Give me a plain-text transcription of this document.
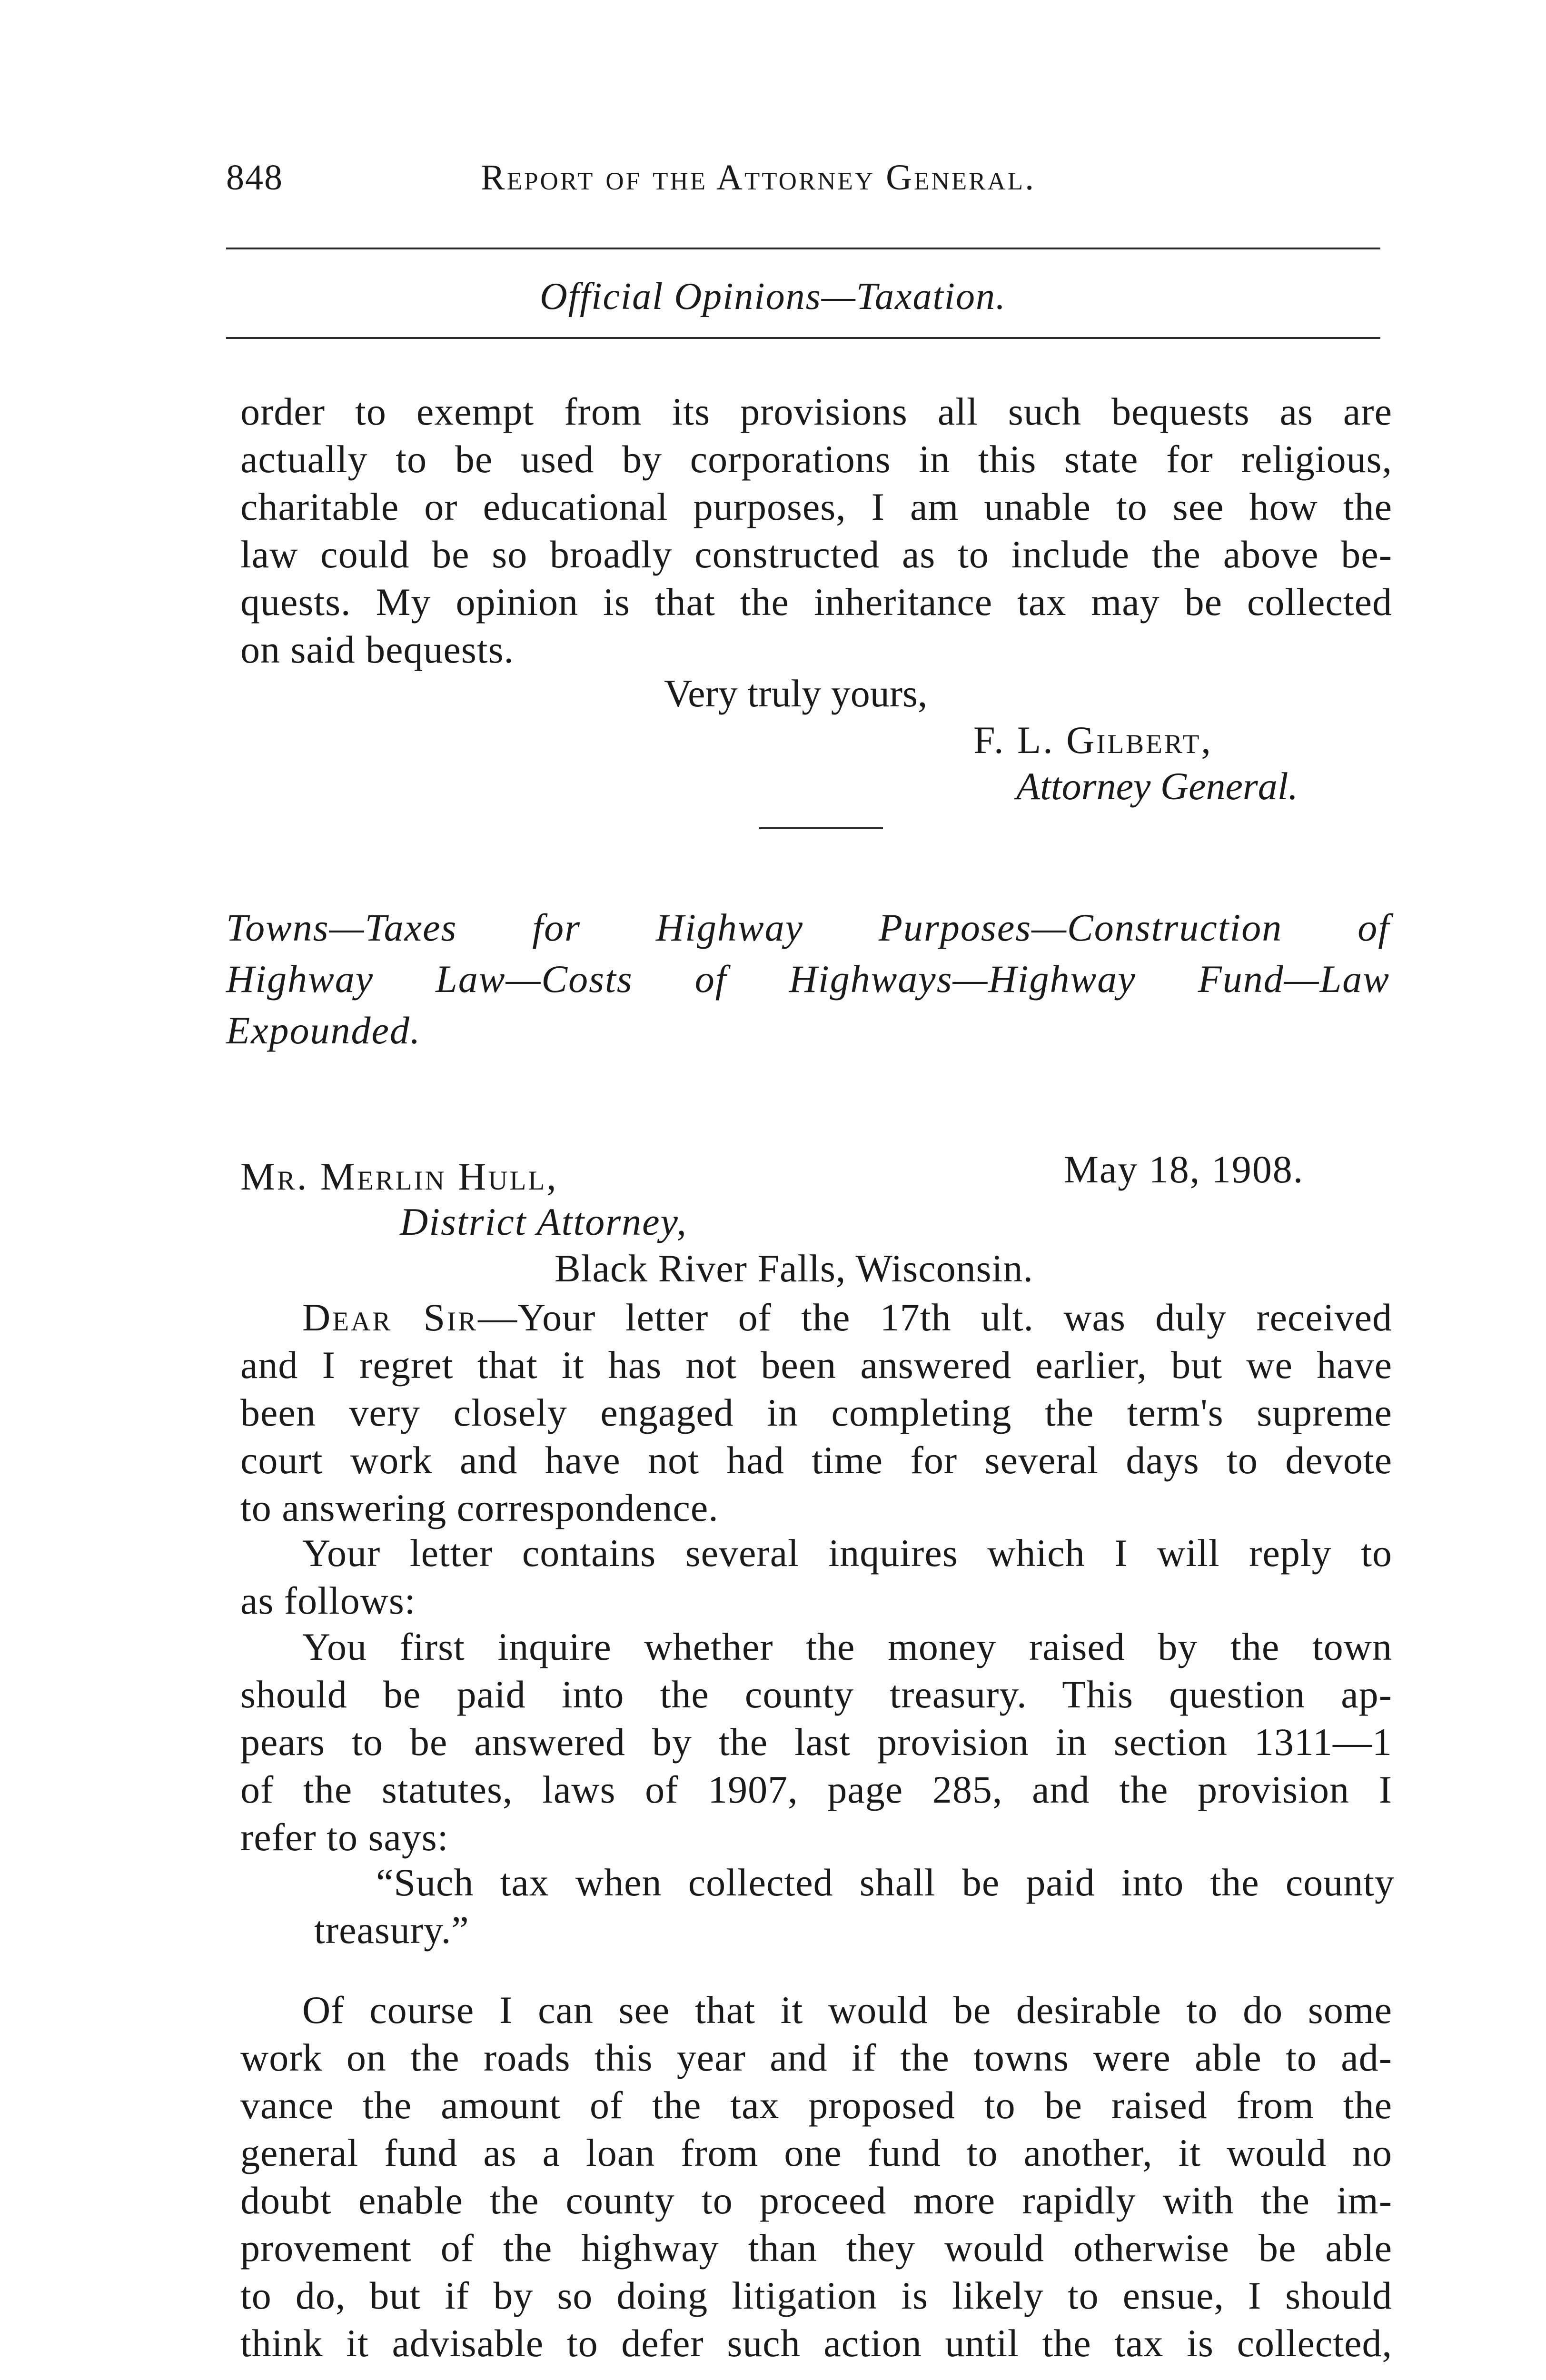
848	Report of the Attorney General.
Official Opinions—Taxation.
order to exempt from its provisions all such bequests as are
actually to be used by corporations in this state for religious,
charitable or educational purposes, I am unable to see how the
law could be so broadly constructed as to include the above be-
quests. My opinion is that the inheritance tax may be collected
on said bequests.
Very truly yours,
F. L. Gilbert,
Attorney General.
Towns—Taxes for Highway Purposes—Construction of
Highway Law—Costs of Highways—Highway Fund—Law
Expounded.
Mr. Merlin Hull,	May 18, 1908.
District Attorney,
Black River Falls, Wisconsin.
Dear Sir—Your letter of the 17th ult. was duly received
and I regret that it has not been answered earlier, but we have
been very closely engaged in completing the term's supreme
court work and have not had time for several days to devote
to answering correspondence.
Your letter contains several inquires which I will reply to
as follows:
You first inquire whether the money raised by the town
should be paid into the county treasury. This question ap-
pears to be answered by the last provision in section 1311—1
of the statutes, laws of 1907, page 285, and the provision I
refer to says:
“Such tax when collected shall be paid into the county
treasury.”
Of course I can see that it would be desirable to do some
work on the roads this year and if the towns were able to ad-
vance the amount of the tax proposed to be raised from the
general fund as a loan from one fund to another, it would no
doubt enable the county to proceed more rapidly with the im-
provement of the highway than they would otherwise be able
to do, but if by so doing litigation is likely to ensue, I should
think it advisable to defer such action until the tax is collected,
